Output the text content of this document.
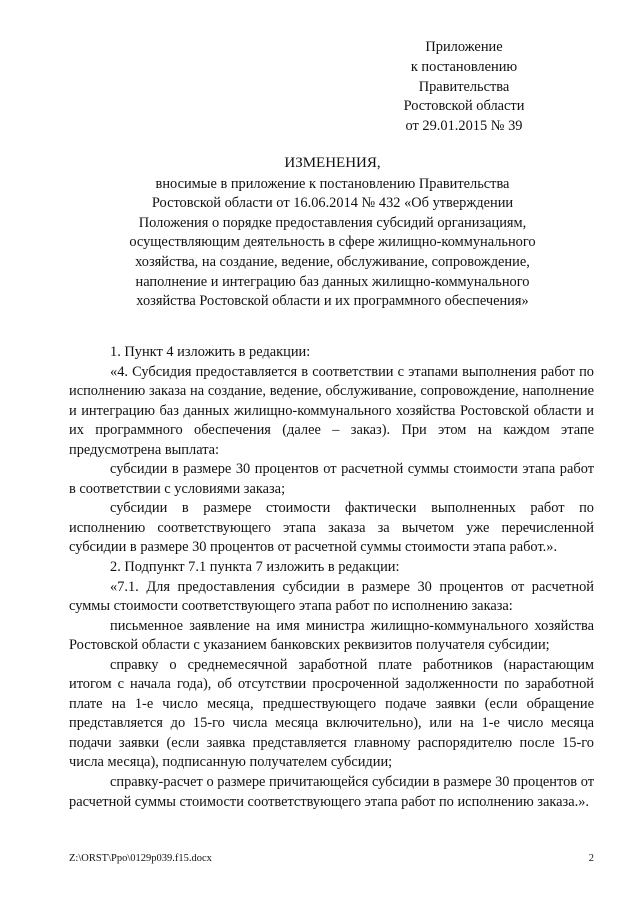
Приложение
к постановлению
Правительства
Ростовской области
от 29.01.2015 № 39
ИЗМЕНЕНИЯ,
вносимые в приложение к постановлению Правительства
Ростовской области от 16.06.2014 № 432 «Об утверждении
Положения о порядке предоставления субсидий организациям,
осуществляющим деятельность в сфере жилищно-коммунального
хозяйства, на создание, ведение, обслуживание, сопровождение,
наполнение и интеграцию баз данных жилищно-коммунального
хозяйства Ростовской области и их программного обеспечения»

1. Пункт 4 изложить в редакции:

«4. Субсидия предоставляется в соответствии с этапами выполнения работ по исполнению заказа на создание, ведение, обслуживание, сопровождение, наполнение и интеграцию баз данных жилищно-коммунального хозяйства Ростовской области и их программного обеспечения (далее – заказ). При этом на каждом этапе предусмотрена выплата:

субсидии в размере 30 процентов от расчетной суммы стоимости этапа работ в соответствии с условиями заказа;

субсидии в размере стоимости фактически выполненных работ по исполнению соответствующего этапа заказа за вычетом уже перечисленной субсидии в размере 30 процентов от расчетной суммы стоимости этапа работ.».

2. Подпункт 7.1 пункта 7 изложить в редакции:

«7.1. Для предоставления субсидии в размере 30 процентов от расчетной суммы стоимости соответствующего этапа работ по исполнению заказа:

письменное заявление на имя министра жилищно-коммунального хозяйства Ростовской области с указанием банковских реквизитов получателя субсидии;

справку о среднемесячной заработной плате работников (нарастающим итогом с начала года), об отсутствии просроченной задолженности по заработной плате на 1-е число месяца, предшествующего подаче заявки (если обращение представляется до 15-го числа месяца включительно), или на 1-е число месяца подачи заявки (если заявка представляется главному распорядителю после 15-го числа месяца), подписанную получателем субсидии;

справку-расчет о размере причитающейся субсидии в размере 30 процентов от расчетной суммы стоимости соответствующего этапа работ по исполнению заказа.».

Z:\ORST\Ppo\0129p039.f15.docx	2
